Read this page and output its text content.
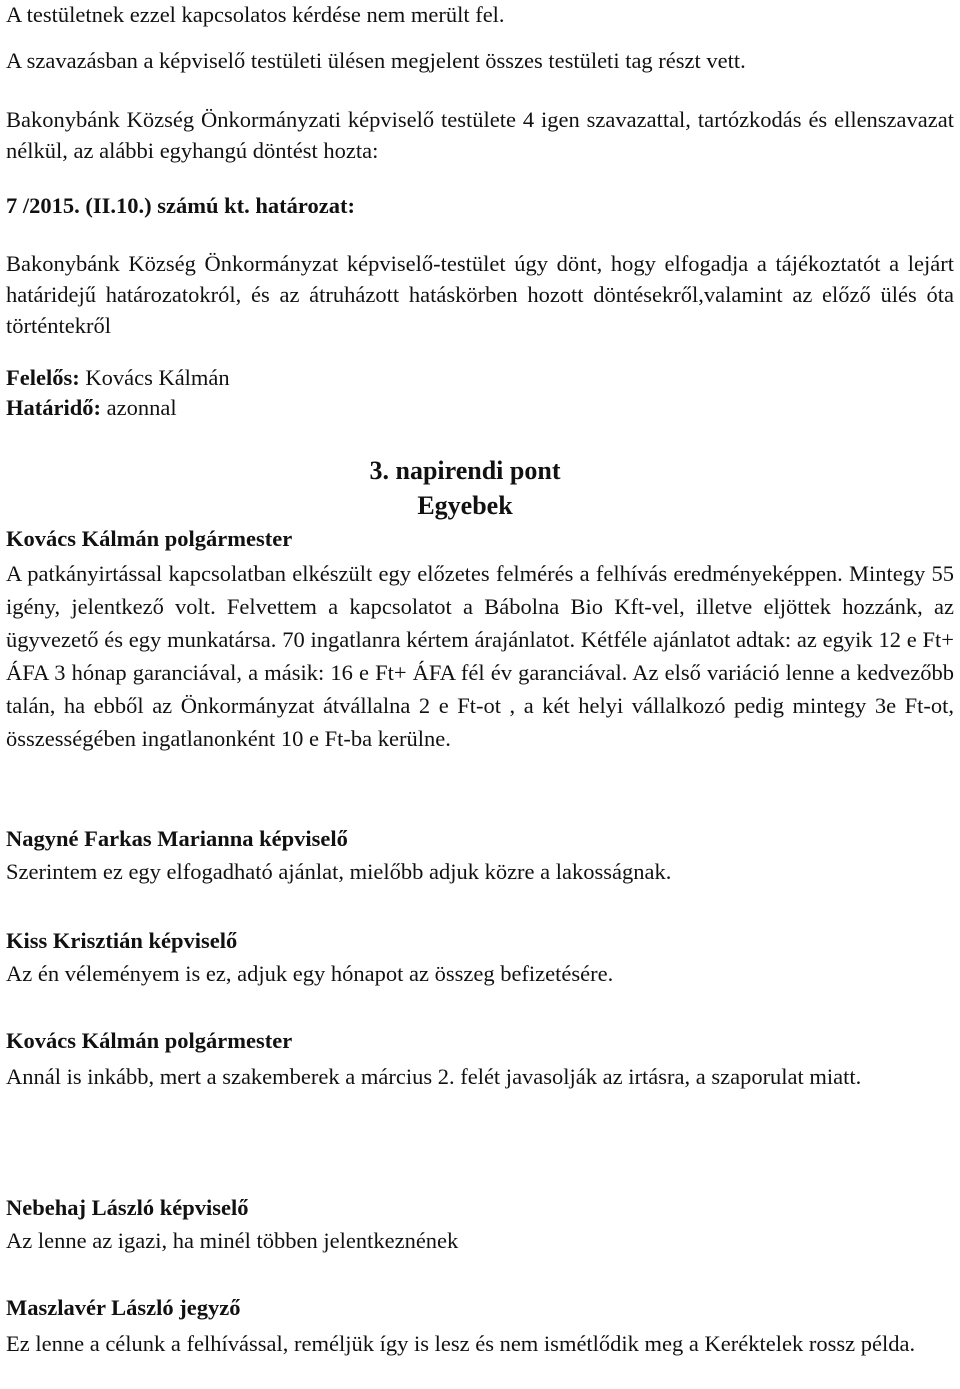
A testületnek ezzel kapcsolatos kérdése nem merült fel.

A szavazásban a képviselő testületi ülésen megjelent összes testületi tag részt vett.

Bakonybánk Község Önkormányzati képviselő testülete 4 igen szavazattal, tartózkodás és ellenszavazat nélkül, az alábbi egyhangú döntést hozta:

7 /2015. (II.10.) számú kt. határozat:

Bakonybánk Község Önkormányzat képviselő-testület úgy dönt, hogy elfogadja a tájékoztatót a lejárt határidejű határozatokról, és az átruházott hatáskörben hozott döntésekről,valamint az előző ülés óta történtekről

Felelős: Kovács Kálmán

Határidő: azonnal

3. napirendi pont

Egyebek

Kovács Kálmán polgármester

A patkányirtással kapcsolatban elkészült egy előzetes felmérés a felhívás eredményeképpen. Mintegy 55 igény, jelentkező volt. Felvettem a kapcsolatot a Bábolna Bio Kft-vel, illetve eljöttek hozzánk, az ügyvezető és egy munkatársa. 70 ingatlanra kértem árajánlatot. Kétféle ajánlatot adtak: az egyik 12 e Ft+ ÁFA 3 hónap garanciával, a másik: 16 e Ft+ ÁFA fél év garanciával. Az első variáció lenne a kedvezőbb talán, ha ebből az Önkormányzat átvállalna 2 e Ft-ot , a két helyi vállalkozó pedig mintegy 3e Ft-ot, összességében ingatlanonként 10 e Ft-ba kerülne.

Nagyné Farkas Marianna képviselő

Szerintem ez egy elfogadható ajánlat, mielőbb adjuk közre a lakosságnak.

Kiss Krisztián képviselő

Az én véleményem is ez, adjuk egy hónapot az összeg befizetésére.

Kovács Kálmán polgármester

Annál is inkább, mert a szakemberek a március 2. felét javasolják az irtásra, a szaporulat miatt.

Nebehaj László képviselő

Az lenne az igazi, ha minél többen jelentkeznének

Maszlavér László jegyző

Ez lenne a célunk a felhívással, reméljük így is lesz és nem ismétlődik meg a Keréktelek rossz példa.
